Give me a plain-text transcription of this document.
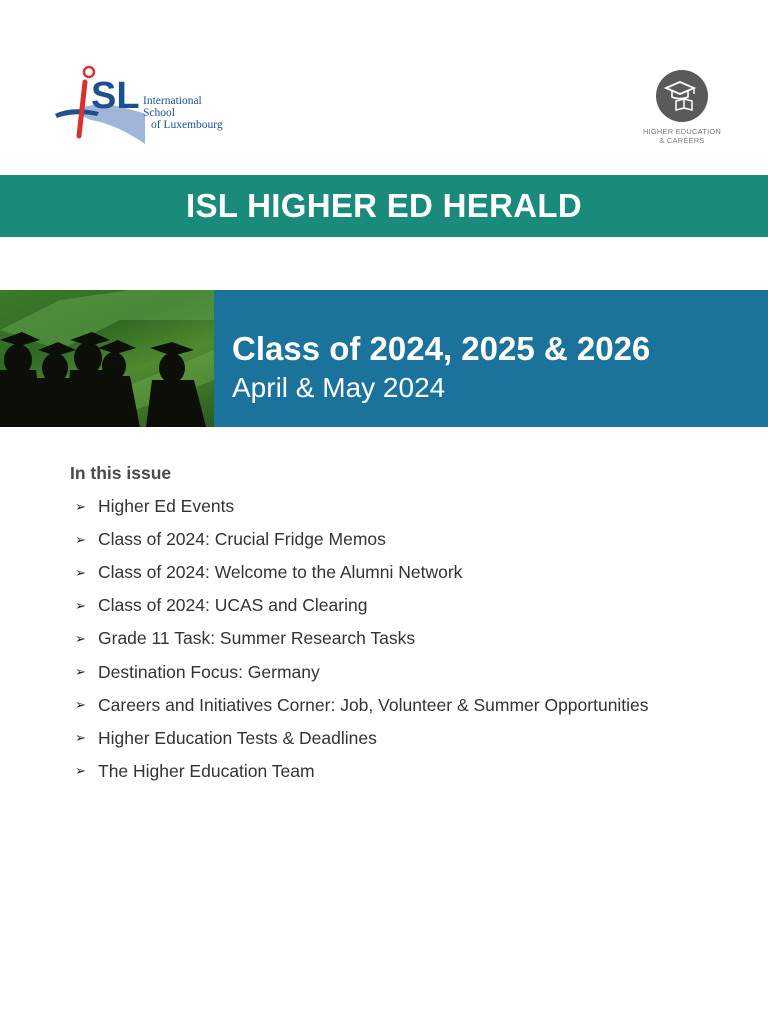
SL International School
of Luxembourg
HIGHER EDUCATION
& CAREERS
ISL HIGHER ED HERALD
Class of 2024, 2025 & 2026
April & May 2024
In this issue
➢ Higher Ed Events
➢ Class of 2024: Crucial Fridge Memos
➢ Class of 2024: Welcome to the Alumni Network
➢ Class of 2024: UCAS and Clearing
➢ Grade 11 Task: Summer Research Tasks
➢ Destination Focus: Germany
➢ Careers and Initiatives Corner: Job, Volunteer & Summer Opportunities
➢ Higher Education Tests & Deadlines
➢ The Higher Education Team
